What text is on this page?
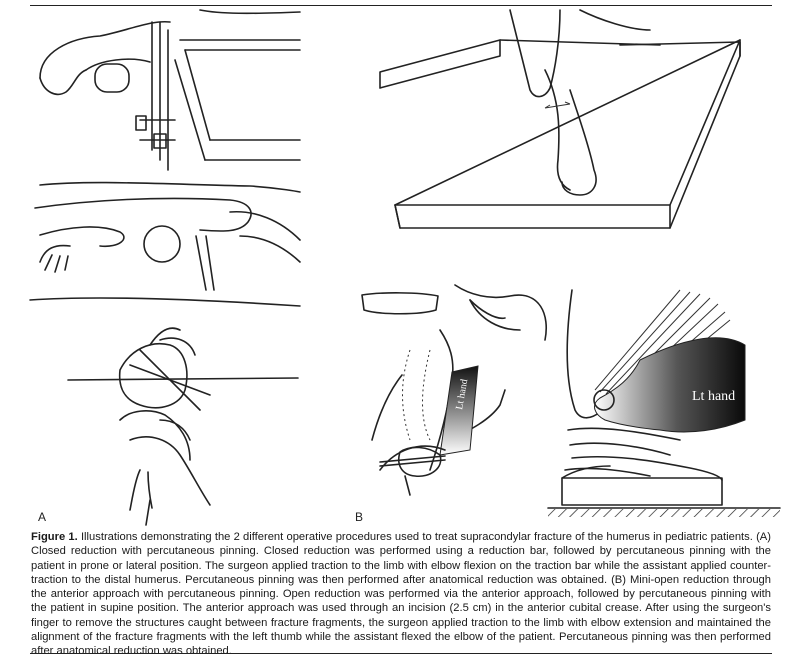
Lt hand	Lt hand
A	B
Figure 1. Illustrations demonstrating the 2 different operative procedures used to treat supracondylar fracture of the humerus in pediatric patients. (A) Closed reduction with percutaneous pinning. Closed reduction was performed using a reduction bar, followed by percutaneous pinning with the patient in prone or lateral position. The surgeon applied traction to the limb with elbow flexion on the traction bar while the assistant applied counter-traction to the distal humerus. Percutaneous pinning was then performed after anatomical reduction was obtained. (B) Mini-open reduction through the anterior approach with percutaneous pinning. Open reduction was performed via the anterior approach, followed by percutaneous pinning with the patient in supine position. The anterior approach was used through an incision (2.5 cm) in the anterior cubital crease. After using the surgeon's finger to remove the structures caught between fracture fragments, the surgeon applied traction to the limb with elbow extension and maintained the alignment of the fracture fragments with the left thumb while the assistant flexed the elbow of the patient. Percutaneous pinning was then performed after anatomical reduction was obtained.
